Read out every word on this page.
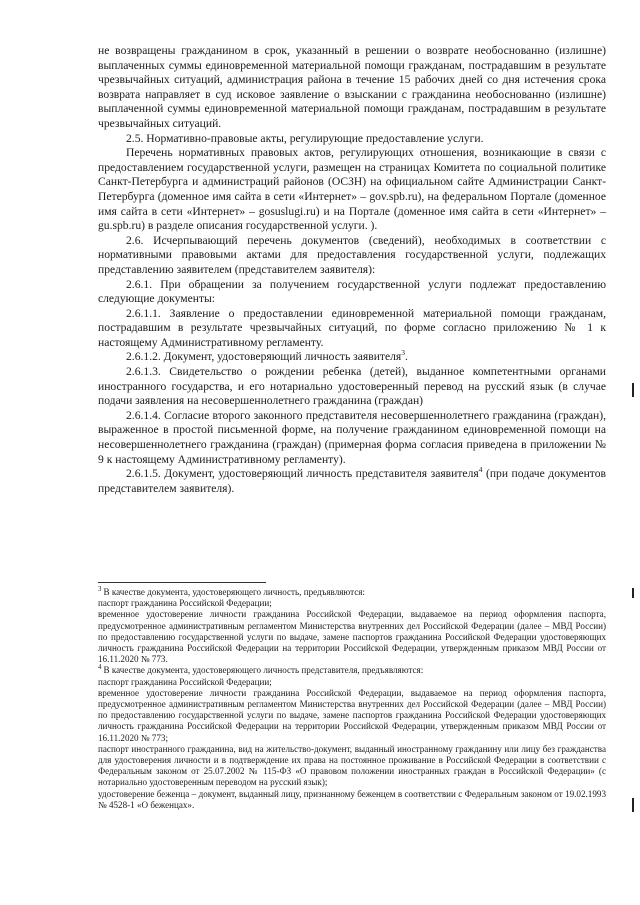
не возвращены гражданином в срок, указанный в решении о возврате необоснованно (излишне) выплаченных суммы единовременной материальной помощи гражданам, пострадавшим в результате чрезвычайных ситуаций, администрация района в течение 15 рабочих дней со дня истечения срока возврата направляет в суд исковое заявление о взыскании с гражданина необоснованно (излишне) выплаченной суммы единовременной материальной помощи гражданам, пострадавшим в результате чрезвычайных ситуаций.

2.5. Нормативно-правовые акты, регулирующие предоставление услуги.

Перечень нормативных правовых актов, регулирующих отношения, возникающие в связи с предоставлением государственной услуги, размещен на страницах Комитета по социальной политике Санкт-Петербурга и администраций районов (ОСЗН) на официальном сайте Администрации Санкт-Петербурга (доменное имя сайта в сети «Интернет» – gov.spb.ru), на федеральном Портале (доменное имя сайта в сети «Интернет» – gosuslugi.ru) и на Портале (доменное имя сайта в сети «Интернет» – gu.spb.ru) в разделе описания государственной услуги. ).

2.6. Исчерпывающий перечень документов (сведений), необходимых в соответствии с нормативными правовыми актами для предоставления государственной услуги, подлежащих представлению заявителем (представителем заявителя):

2.6.1. При обращении за получением государственной услуги подлежат предоставлению следующие документы:

2.6.1.1. Заявление о предоставлении единовременной материальной помощи гражданам, пострадавшим в результате чрезвычайных ситуаций, по форме согласно приложению № 1 к настоящему Административному регламенту.

2.6.1.2. Документ, удостоверяющий личность заявителя$^3$.

2.6.1.3. Свидетельство о рождении ребенка (детей), выданное компетентными органами иностранного государства, и его нотариально удостоверенный перевод на русский язык (в случае подачи заявления на несовершеннолетнего гражданина (граждан)

2.6.1.4. Согласие второго законного представителя несовершеннолетнего гражданина (граждан), выраженное в простой письменной форме, на получение гражданином единовременной помощи на несовершеннолетнего гражданина (граждан) (примерная форма согласия приведена в приложении № 9 к настоящему Административному регламенту).

2.6.1.5. Документ, удостоверяющий личность представителя заявителя$^4$ (при подаче документов представителем заявителя).

$^3$ В качестве документа, удостоверяющего личность, предъявляются:

паспорт гражданина Российской Федерации;

временное удостоверение личности гражданина Российской Федерации, выдаваемое на период оформления паспорта, предусмотренное административным регламентом Министерства внутренних дел Российской Федерации (далее – МВД России) по предоставлению государственной услуги по выдаче, замене паспортов гражданина Российской Федерации удостоверяющих личность гражданина Российской Федерации на территории Российской Федерации, утвержденным приказом МВД России от 16.11.2020 № 773.

$^4$ В качестве документа, удостоверяющего личность представителя, предъявляются:

паспорт гражданина Российской Федерации;

временное удостоверение личности гражданина Российской Федерации, выдаваемое на период оформления паспорта, предусмотренное административным регламентом Министерства внутренних дел Российской Федерации (далее – МВД России) по предоставлению государственной услуги по выдаче, замене паспортов гражданина Российской Федерации удостоверяющих личность гражданина Российской Федерации на территории Российской Федерации, утвержденным приказом МВД России от 16.11.2020 № 773;

паспорт иностранного гражданина, вид на жительство-документ, выданный иностранному гражданину или лицу без гражданства для удостоверения личности и в подтверждение их права на постоянное проживание в Российской Федерации в соответствии с Федеральным законом от 25.07.2002 № 115-ФЗ «О правовом положении иностранных граждан в Российской Федерации» (с нотариально удостоверенным переводом на русский язык);

удостоверение беженца – документ, выданный лицу, признанному беженцем в соответствии с Федеральным законом от 19.02.1993 № 4528-1 «О беженцах».
